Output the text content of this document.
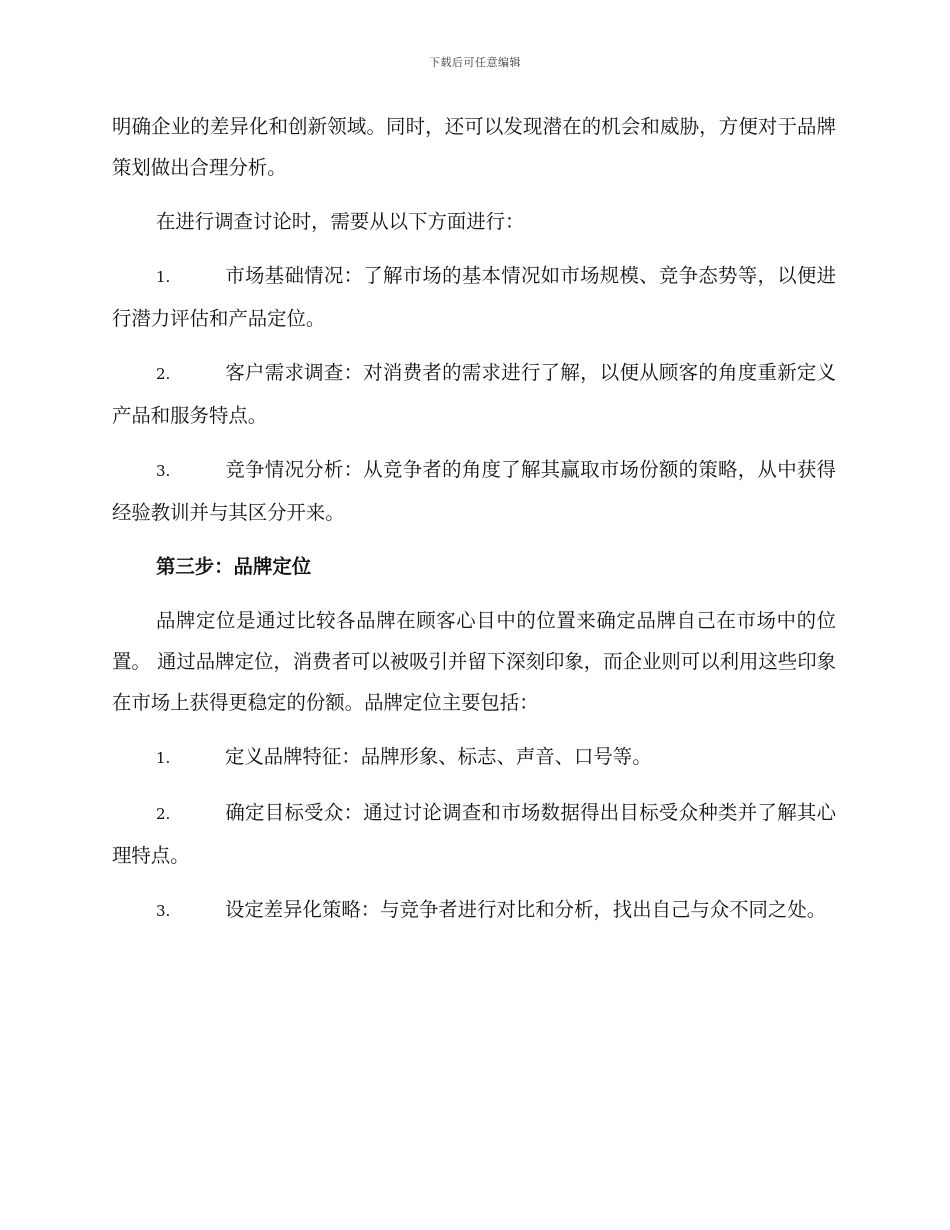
下载后可任意编辑

明确企业的差异化和创新领域。同时，还可以发现潜在的机会和威胁，方便对于品牌策划做出合理分析。

在进行调查讨论时，需要从以下方面进行：

1.	市场基础情况：了解市场的基本情况如市场规模、竞争态势等，以便进行潜力评估和产品定位。
2.	客户需求调查：对消费者的需求进行了解，以便从顾客的角度重新定义产品和服务特点。
3.	竞争情况分析：从竞争者的角度了解其赢取市场份额的策略，从中获得经验教训并与其区分开来。
第三步：品牌定位

品牌定位是通过比较各品牌在顾客心目中的位置来确定品牌自己在市场中的位置。 通过品牌定位，消费者可以被吸引并留下深刻印象，而企业则可以利用这些印象在市场上获得更稳定的份额。品牌定位主要包括：

1.	定义品牌特征：品牌形象、标志、声音、口号等。
2.	确定目标受众：通过讨论调查和市场数据得出目标受众种类并了解其心理特点。
3.	设定差异化策略：与竞争者进行对比和分析，找出自己与众不同之处。
